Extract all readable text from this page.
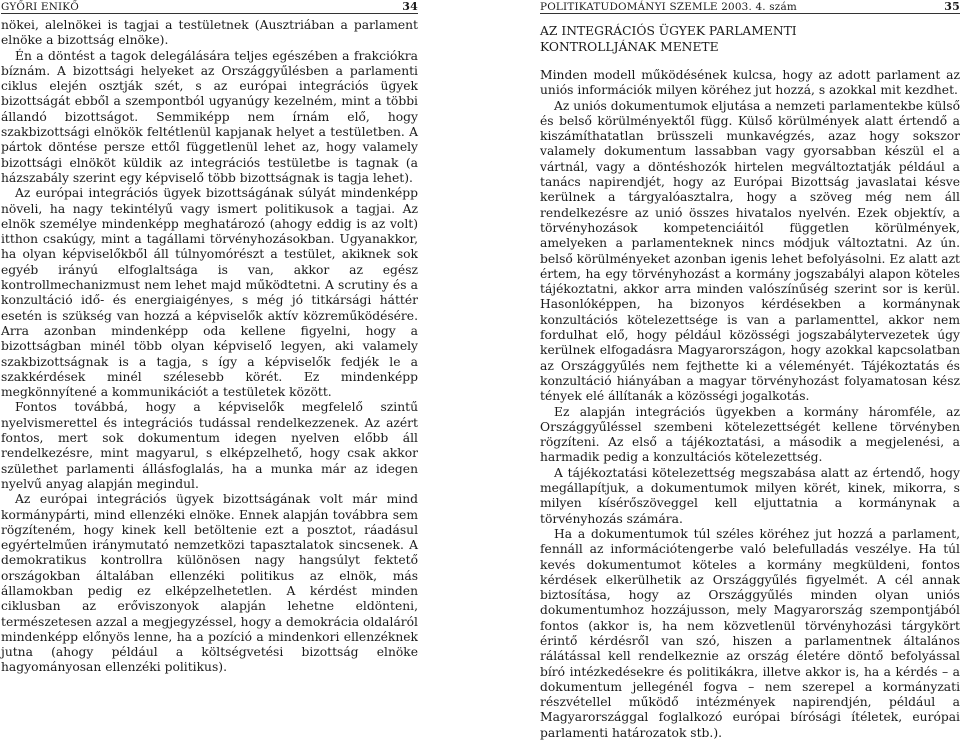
GYŐRI ENIKŐ	34

nökei, alelnökei is tagjai a testületnek (Ausztriában a parlament elnöke a bizottság elnöke).

Én a döntést a tagok delegálására teljes egészében a frakciókra bíznám. A bizottsági helyeket az Országgyűlésben a parlamenti ciklus elején osztják szét, s az európai integrációs ügyek bizottságát ebből a szempontból ugyanúgy kezelném, mint a többi állandó bizottságot. Semmiképp nem írnám elő, hogy szakbizottsági elnökök feltétlenül kapjanak helyet a testületben. A pártok döntése persze ettől függetlenül lehet az, hogy valamely bizottsági elnököt küldik az integrációs testületbe is tagnak (a házszabály szerint egy képviselő több bizottságnak is tagja lehet).

Az európai integrációs ügyek bizottságának súlyát mindenképp növeli, ha nagy tekintélyű vagy ismert politikusok a tagjai. Az elnök személye mindenképp meghatározó (ahogy eddig is az volt) itthon csakúgy, mint a tagállami törvényhozásokban. Ugyanakkor, ha olyan képviselőkből áll túlnyomórészt a testület, akiknek sok egyéb irányú elfoglaltsága is van, akkor az egész kontrollmechanizmust nem lehet majd működtetni. A scrutiny és a konzultáció idő- és energiaigényes, s még jó titkársági háttér esetén is szükség van hozzá a képviselők aktív közreműködésére. Arra azonban mindenképp oda kellene figyelni, hogy a bizottságban minél több olyan képviselő legyen, aki valamely szakbizottságnak is a tagja, s így a képviselők fedjék le a szakkérdések minél szélesebb körét. Ez mindenképp megkönnyítené a kommunikációt a testületek között.

Fontos továbbá, hogy a képviselők megfelelő szintű nyelvismerettel és integrációs tudással rendelkezzenek. Az azért fontos, mert sok dokumentum idegen nyelven előbb áll rendelkezésre, mint magyarul, s elképzelhető, hogy csak akkor születhet parlamenti állásfoglalás, ha a munka már az idegen nyelvű anyag alapján megindul.

Az európai integrációs ügyek bizottságának volt már mind kormánypárti, mind ellenzéki elnöke. Ennek alapján továbbra sem rögzíteném, hogy kinek kell betöltenie ezt a posztot, ráadásul egyértelműen iránymutató nemzetközi tapasztalatok sincsenek. A demokratikus kontrollra különösen nagy hangsúlyt fektető országokban általában ellenzéki politikus az elnök, más államokban pedig ez elképzelhetetlen. A kérdést minden ciklusban az erőviszonyok alapján lehetne eldönteni, természetesen azzal a megjegyzéssel, hogy a demokrácia oldaláról mindenképp előnyös lenne, ha a pozíció a mindenkori ellenzéknek jutna (ahogy például a költségvetési bizottság elnöke hagyományosan ellenzéki politikus).

POLITIKATUDOMÁNYI SZEMLE 2003. 4. szám	35
AZ INTEGRÁCIÓS ÜGYEK PARLAMENTI
KONTROLLJÁNAK MENETE

Minden modell működésének kulcsa, hogy az adott parlament az uniós információk milyen köréhez jut hozzá, s azokkal mit kezdhet.

Az uniós dokumentumok eljutása a nemzeti parlamentekbe külső és belső körülményektől függ. Külső körülmények alatt értendő a kiszámíthatatlan brüsszeli munkavégzés, azaz hogy sokszor valamely dokumentum lassabban vagy gyorsabban készül el a vártnál, vagy a döntéshozók hirtelen megváltoztatják például a tanács napirendjét, hogy az Európai Bizottság javaslatai késve kerülnek a tárgyalóasztalra, hogy a szöveg még nem áll rendelkezésre az unió összes hivatalos nyelvén. Ezek objektív, a törvényhozások kompetenciáitól független körülmények, amelyeken a parlamenteknek nincs módjuk változtatni. Az ún. belső körülményeket azonban igenis lehet befolyásolni. Ez alatt azt értem, ha egy törvényhozást a kormány jogszabályi alapon köteles tájékoztatni, akkor arra minden valószínűség szerint sor is kerül. Hasonlóképpen, ha bizonyos kérdésekben a kormánynak konzultációs kötelezettsége is van a parlamenttel, akkor nem fordulhat elő, hogy például közösségi jogszabálytervezetek úgy kerülnek elfogadásra Magyarországon, hogy azokkal kapcsolatban az Országgyűlés nem fejthette ki a véleményét. Tájékoztatás és konzultáció hiányában a magyar törvényhozást folyamatosan kész tények elé állítanák a közösségi jogalkotás.

Ez alapján integrációs ügyekben a kormány háromféle, az Országgyűléssel szembeni kötelezettségét kellene törvényben rögzíteni. Az első a tájékoztatási, a második a megjelenési, a harmadik pedig a konzultációs kötelezettség.

A tájékoztatási kötelezettség megszabása alatt az értendő, hogy megállapítjuk, a dokumentumok milyen körét, kinek, mikorra, s milyen kísérőszöveggel kell eljuttatnia a kormánynak a törvényhozás számára.

Ha a dokumentumok túl széles köréhez jut hozzá a parlament, fennáll az információtengerbe való belefulladás veszélye. Ha túl kevés dokumentumot köteles a kormány megküldeni, fontos kérdések elkerülhetik az Országgyűlés figyelmét. A cél annak biztosítása, hogy az Országgyűlés minden olyan uniós dokumentumhoz hozzájusson, mely Magyarország szempontjából fontos (akkor is, ha nem közvetlenül törvényhozási tárgykört érintő kérdésről van szó, hiszen a parlamentnek általános rálátással kell rendelkeznie az ország életére döntő befolyással bíró intézkedésekre és politikákra, illetve akkor is, ha a kérdés – a dokumentum jellegénél fogva – nem szerepel a kormányzati részvétellel működő intézmények napirendjén, például a Magyarországgal foglalkozó európai bírósági ítéletek, európai parlamenti határozatok stb.).
